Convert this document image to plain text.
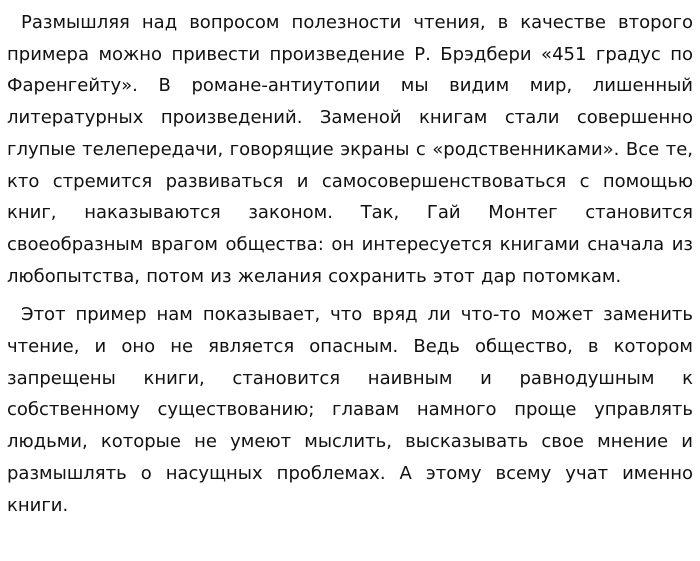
Размышляя над вопросом полезности чтения, в качестве второго примера можно привести произведение Р. Брэдбери «451 градус по Фаренгейту». В романе-антиутопии мы видим мир, лишенный литературных произведений. Заменой книгам стали совершенно глупые телепередачи, говорящие экраны с «родственниками». Все те, кто стремится развиваться и самосовершенствоваться с помощью книг, наказываются законом. Так, Гай Монтег становится своеобразным врагом общества: он интересуется книгами сначала из любопытства, потом из желания сохранить этот дар потомкам.

Этот пример нам показывает, что вряд ли что-то может заменить чтение, и оно не является опасным. Ведь общество, в котором запрещены книги, становится наивным и равнодушным к собственному существованию; главам намного проще управлять людьми, которые не умеют мыслить, высказывать свое мнение и размышлять о насущных проблемах. А этому всему учат именно книги.
